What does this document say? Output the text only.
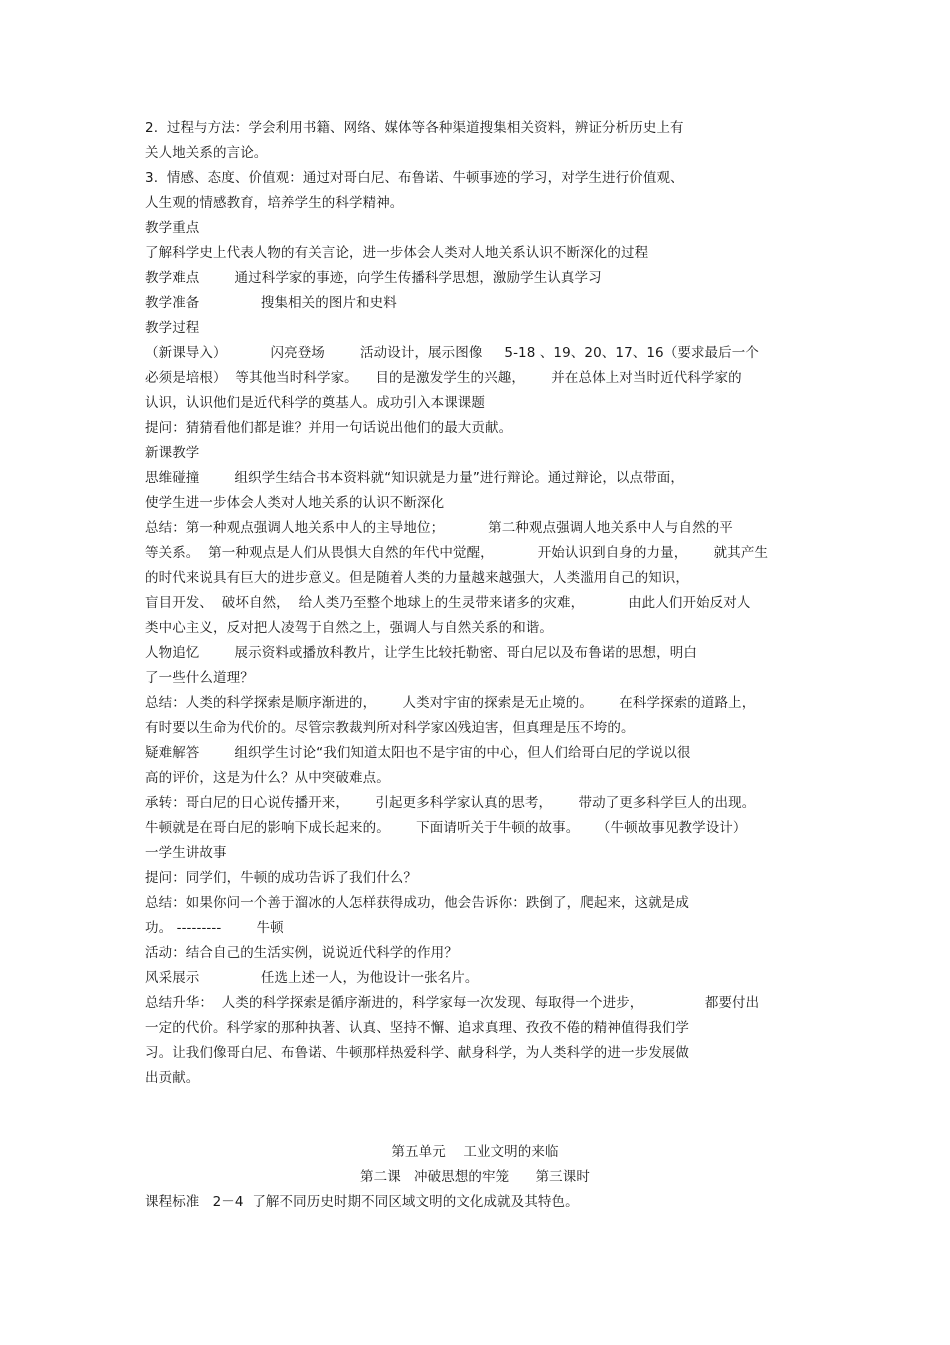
2.  过程与方法：学会利用书籍、网络、媒体等各种渠道搜集相关资料，辨证分析历史上有
关人地关系的言论。
3.  情感、态度、价值观：通过对哥白尼、布鲁诺、牛顿事迹的学习，对学生进行价值观、
人生观的情感教育，培养学生的科学精神。
教学重点
了解科学史上代表人物的有关言论，进一步体会人类对人地关系认识不断深化的过程
教学难点        通过科学家的事迹，向学生传播科学思想，激励学生认真学习
教学准备              搜集相关的图片和史料
教学过程
（新课导入）          闪亮登场        活动设计，展示图像     5-18 、19、20、17、16（要求最后一个
必须是培根）  等其他当时科学家。    目的是激发学生的兴趣，      并在总体上对当时近代科学家的
认识，认识他们是近代科学的奠基人。成功引入本课课题
提问：猜猜看他们都是谁？并用一句话说出他们的最大贡献。
新课教学
思维碰撞        组织学生结合书本资料就“知识就是力量”进行辩论。通过辩论，以点带面，
使学生进一步体会人类对人地关系的认识不断深化
总结：第一种观点强调人地关系中人的主导地位；          第二种观点强调人地关系中人与自然的平
等关系。  第一种观点是人们从畏惧大自然的年代中觉醒，          开始认识到自身的力量，      就其产生
的时代来说具有巨大的进步意义。但是随着人类的力量越来越强大，人类滥用自己的知识，
盲目开发、  破坏自然，  给人类乃至整个地球上的生灵带来诸多的灾难，          由此人们开始反对人
类中心主义，反对把人凌驾于自然之上，强调人与自然关系的和谐。
人物追忆        展示资料或播放科教片，让学生比较托勒密、哥白尼以及布鲁诺的思想，明白
了一些什么道理？
总结：人类的科学探索是顺序渐进的，      人类对宇宙的探索是无止境的。      在科学探索的道路上，
有时要以生命为代价的。尽管宗教裁判所对科学家凶残迫害，但真理是压不垮的。
疑难解答        组织学生讨论“我们知道太阳也不是宇宙的中心，但人们给哥白尼的学说以很
高的评价，这是为什么？从中突破难点。
承转：哥白尼的日心说传播开来，      引起更多科学家认真的思考，      带动了更多科学巨人的出现。
牛顿就是在哥白尼的影响下成长起来的。      下面请听关于牛顿的故事。    （牛顿故事见教学设计）
一学生讲故事
提问：同学们，牛顿的成功告诉了我们什么？
总结：如果你问一个善于溜冰的人怎样获得成功，他会告诉你：跌倒了，爬起来，这就是成
功。 ---------        牛顿
活动：结合自己的生活实例，说说近代科学的作用？
风采展示              任选上述一人，为他设计一张名片。
总结升华：  人类的科学探索是循序渐进的，科学家每一次发现、每取得一个进步，              都要付出
一定的代价。科学家的那种执著、认真、坚持不懈、追求真理、孜孜不倦的精神值得我们学
习。让我们像哥白尼、布鲁诺、牛顿那样热爱科学、献身科学，为人类科学的进一步发展做
出贡献。
第五单元    工业文明的来临
第二课   冲破思想的牢笼      第三课时
课程标准   2－4  了解不同历史时期不同区域文明的文化成就及其特色。
